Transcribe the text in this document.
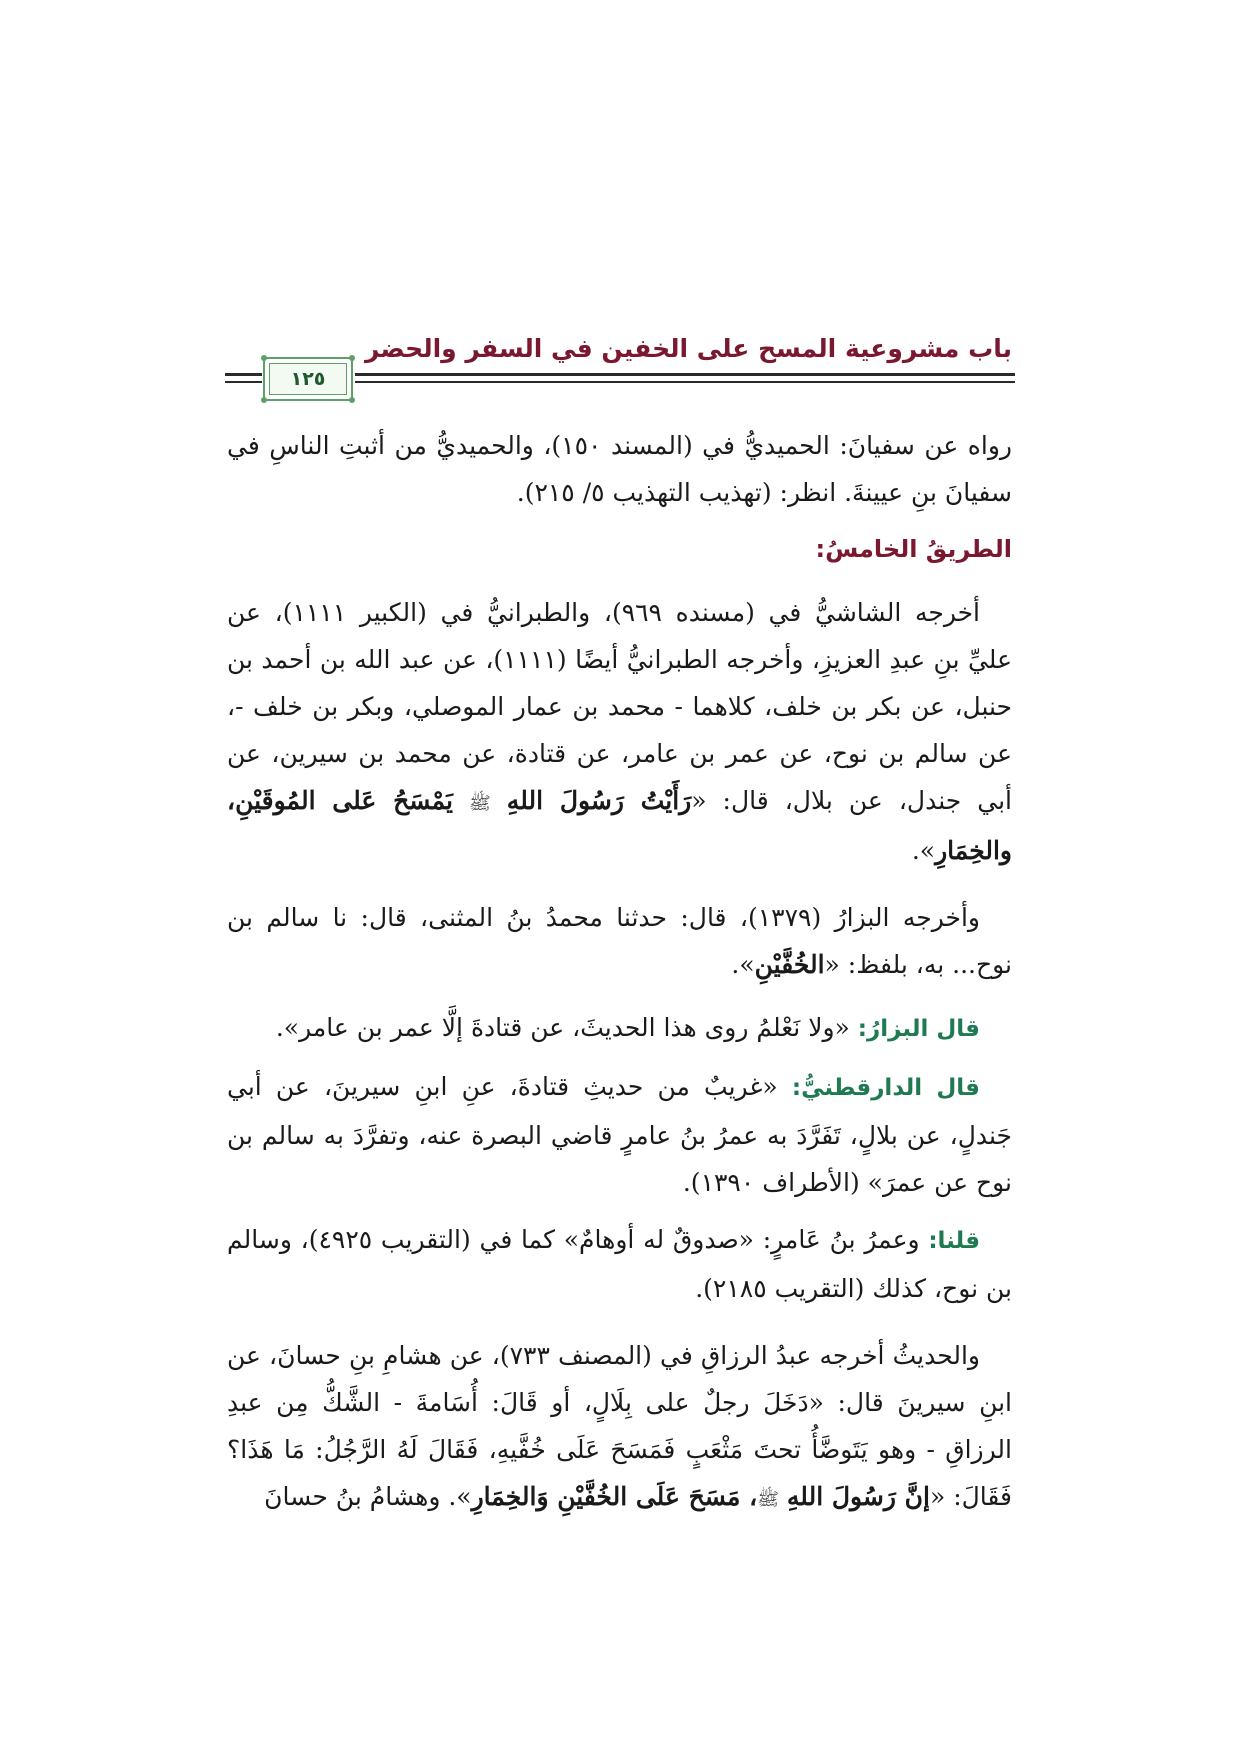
باب مشروعية المسح على الخفين في السفر والحضر
١٢٥

رواه عن سفيانَ: الحميديُّ في (المسند ١٥٠)، والحميديُّ من أثبتِ الناسِ في سفيانَ بنِ عيينةَ. انظر: (تهذيب التهذيب ٥/ ٢١٥).

الطريقُ الخامسُ:

أخرجه الشاشيُّ في (مسنده ٩٦٩)، والطبرانيُّ في (الكبير ١١١١)، عن عليِّ بنِ عبدِ العزيزِ، وأخرجه الطبرانيُّ أيضًا (١١١١)، عن عبد الله بن أحمد بن حنبل، عن بكر بن خلف، كلاهما - محمد بن عمار الموصلي، وبكر بن خلف -، عن سالم بن نوح، عن عمر بن عامر، عن قتادة، عن محمد بن سيرين، عن أبي جندل، عن بلال، قال: «رَأَيْتُ رَسُولَ اللهِ ﷺ يَمْسَحُ عَلى المُوقَيْنِ، والخِمَارِ».

وأخرجه البزارُ (١٣٧٩)، قال: حدثنا محمدُ بنُ المثنى، قال: نا سالم بن نوح... به، بلفظ: «الخُفَّيْنِ».

قال البزارُ: «ولا نَعْلمُ روى هذا الحديثَ، عن قتادةَ إلَّا عمر بن عامر».

قال الدارقطنيُّ: «غريبٌ من حديثِ قتادةَ، عنِ ابنِ سيرينَ، عن أبي جَندلٍ، عن بلالٍ، تَفَرَّدَ به عمرُ بنُ عامرٍ قاضي البصرة عنه، وتفرَّدَ به سالم بن نوح عن عمرَ» (الأطراف ١٣٩٠).

قلنا: وعمرُ بنُ عَامرٍ: «صدوقٌ له أوهامٌ» كما في (التقريب ٤٩٢٥)، وسالم بن نوح، كذلك (التقريب ٢١٨٥).

والحديثُ أخرجه عبدُ الرزاقِ في (المصنف ٧٣٣)، عن هشامِ بنِ حسانَ، عن ابنِ سيرينَ قال: «دَخَلَ رجلٌ على بِلَالٍ، أو قَالَ: أُسَامةَ - الشَّكُّ مِن عبدِ الرزاقِ - وهو يَتَوضَّأُ تحتَ مَثْعَبٍ فَمَسَحَ عَلَى خُفَّيهِ، فَقَالَ لَهُ الرَّجُلُ: مَا هَذَا؟ فَقَالَ: «إنَّ رَسُولَ اللهِ ﷺ، مَسَحَ عَلَى الخُفَّيْنِ وَالخِمَارِ». وهشامُ بنُ حسانَ
